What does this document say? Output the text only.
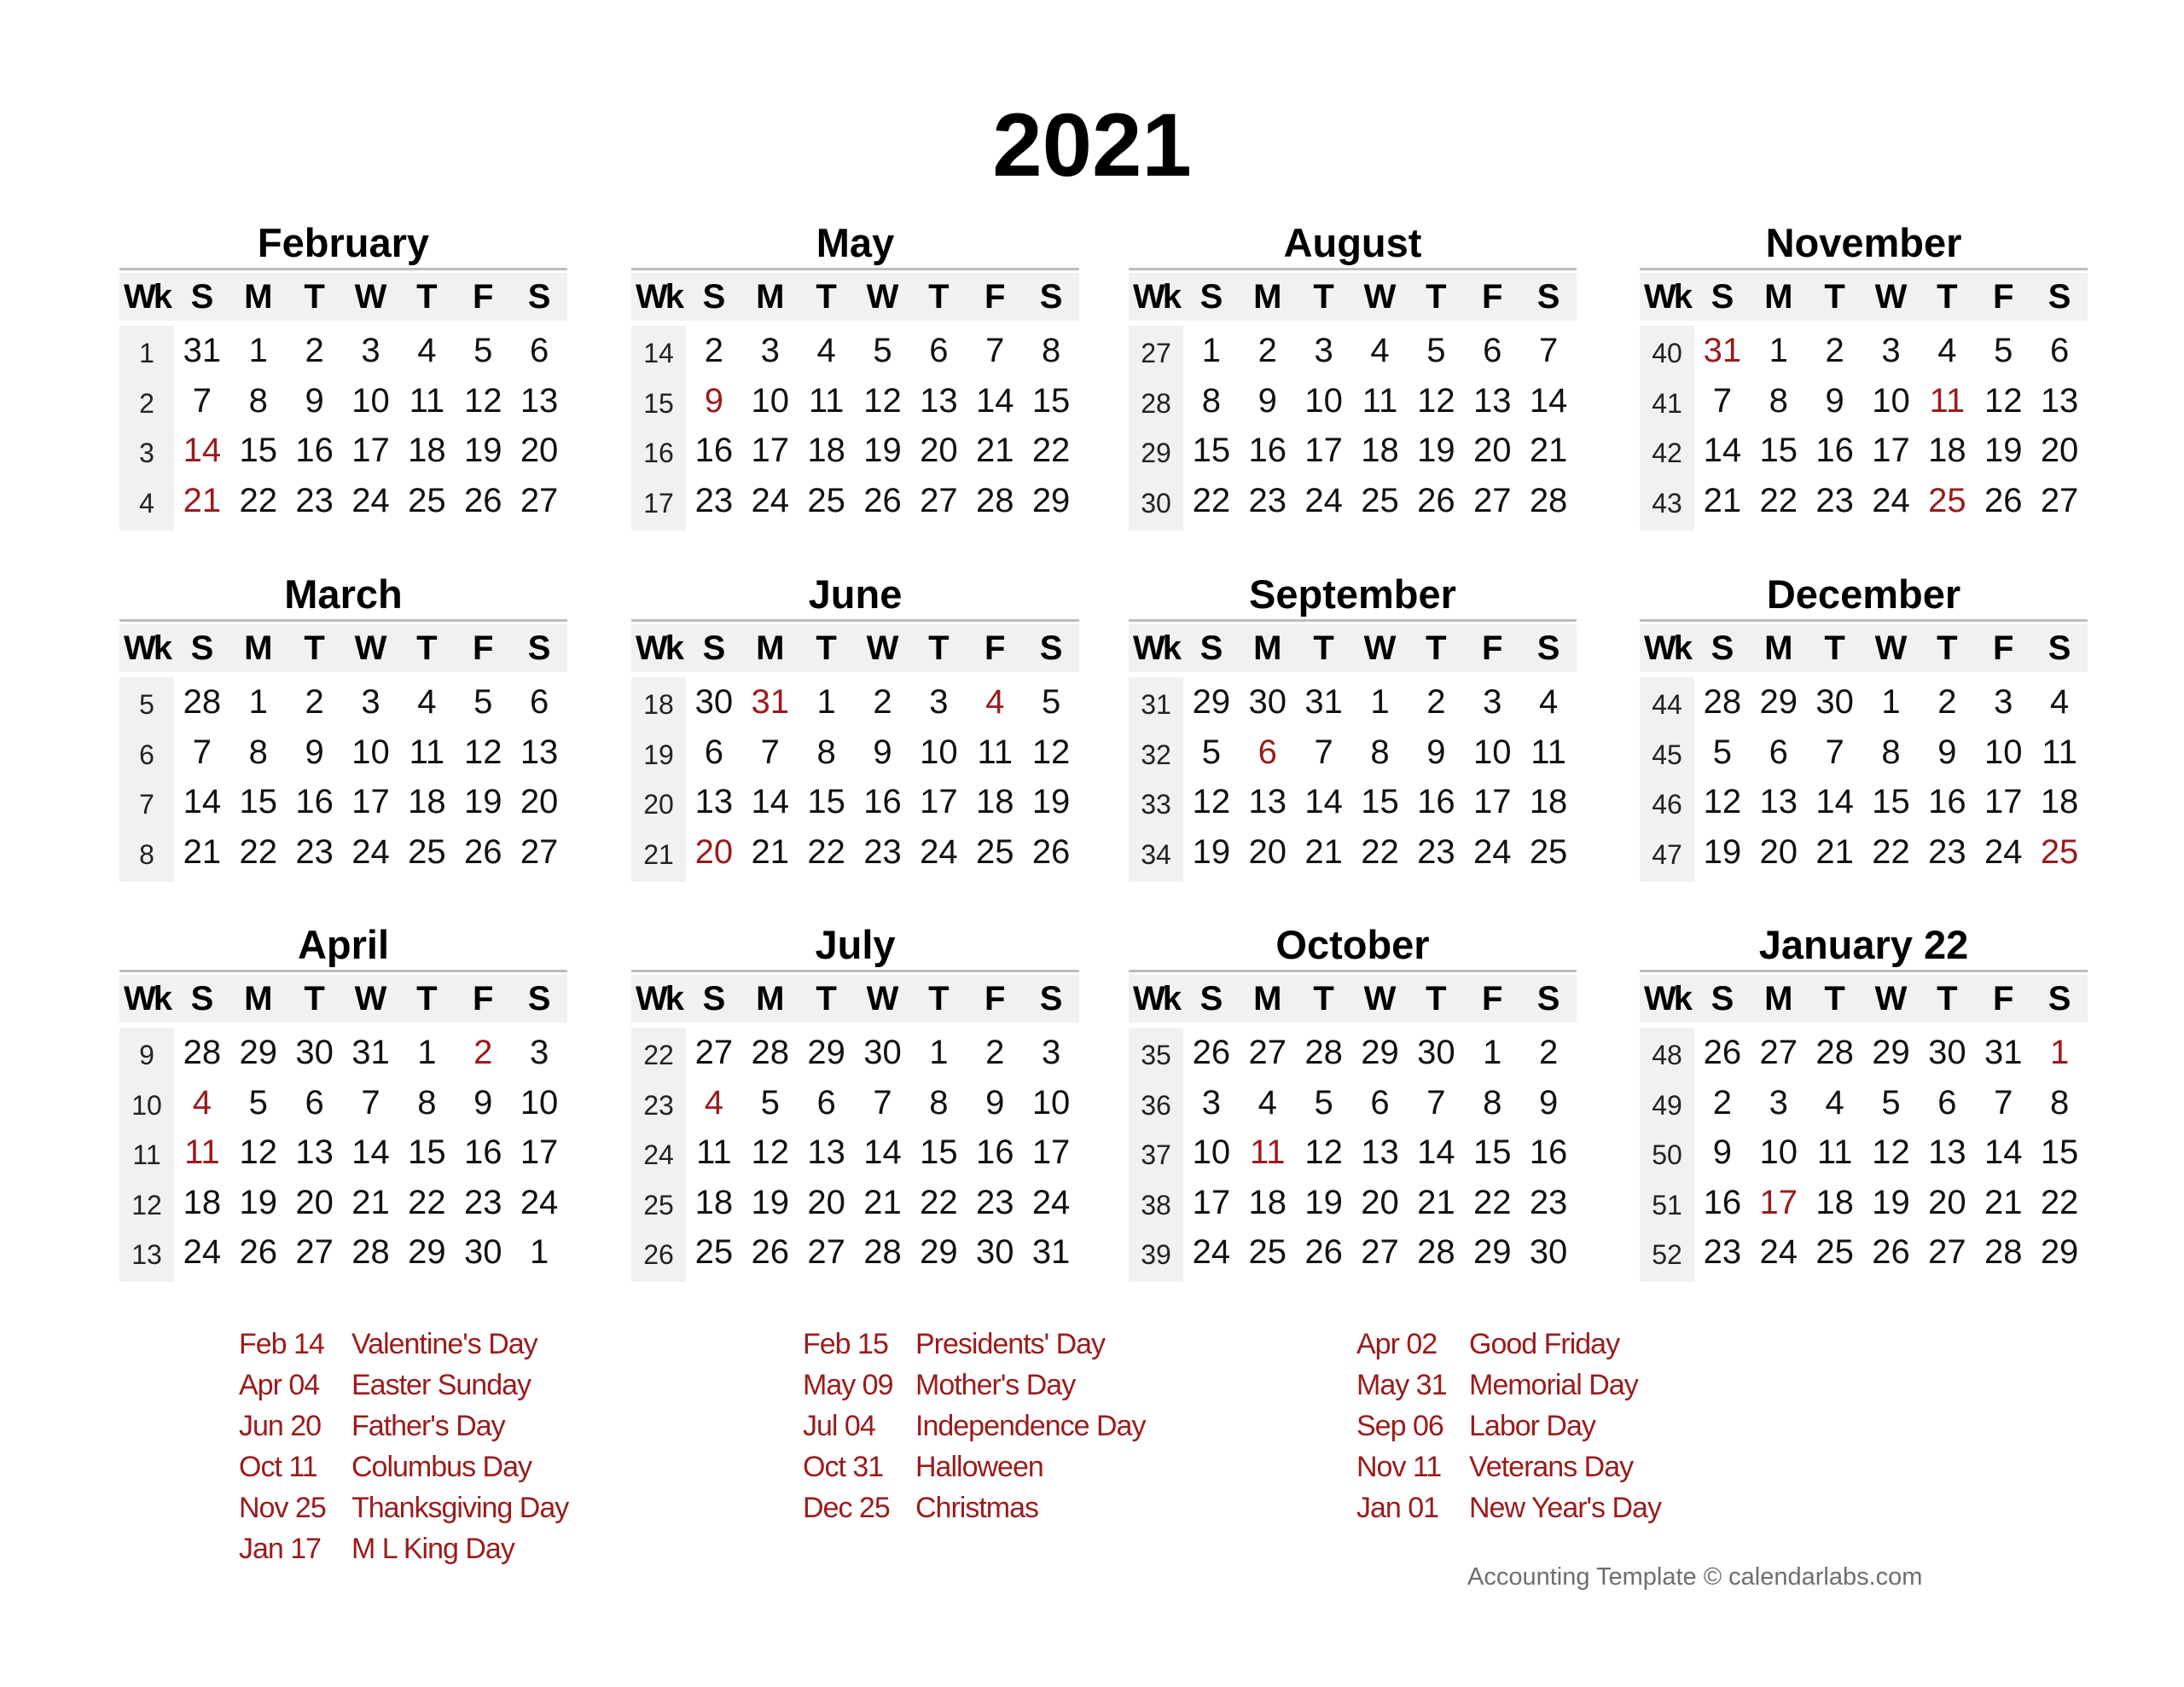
2021
February
Wk S M T W T	F	S
1 31 1	2	3	4	5	6
2	7	8	9 10 11 12 13
3 14 15 16 17 18 19 20
4 21 22 23 24 25 26 27
May
Wk S M T W T	F	S
14 2	3	4	5	6	7	8
15 9 10 11 12 13 14 15
16 16 17 18 19 20 21 22
17 23 24 25 26 27 28 29
August
Wk S M T W T	F	S
27 1	2	3	4	5	6	7
28 8	9 10 11 12 13 14
29 15 16 17 18 19 20 21
30 22 23 24 25 26 27 28
November
Wk S M T W T	F	S
40 31 1	2	3	4	5	6
41 7	8	9 10 11 12 13
42 14 15 16 17 18 19 20
43 21 22 23 24 25 26 27
March
Wk S M T W T	F	S
5 28 1	2	3	4	5	6
6	7	8	9 10 11 12 13
7 14 15 16 17 18 19 20
8 21 22 23 24 25 26 27
June
Wk S M T W T	F	S
18 30 31 1	2	3	4	5
19 6	7	8	9 10 11 12
20 13 14 15 16 17 18 19
21 20 21 22 23 24 25 26
September
Wk S M T W T	F	S
31 29 30 31 1	2	3	4
32 5	6	7	8	9 10 11
33 12 13 14 15 16 17 18
34 19 20 21 22 23 24 25
December
Wk S M T W T	F	S
44 28 29 30 1	2	3	4
45 5	6	7	8	9 10 11
46 12 13 14 15 16 17 18
47 19 20 21 22 23 24 25
April
Wk S M T W T	F	S
9 28 29 30 31 1	2	3
10 4	5	6	7	8	9 10
11 11 12 13 14 15 16 17
12 18 19 20 21 22 23 24
13 24 26 27 28 29 30 1
July
Wk S M T W T	F	S
22 27 28 29 30 1	2	3
23 4	5	6	7	8	9 10
24 11 12 13 14 15 16 17
25 18 19 20 21 22 23 24
26 25 26 27 28 29 30 31
October
Wk S M T W T	F	S
35 26 27 28 29 30 1	2
36 3	4	5	6	7	8	9
37 10 11 12 13 14 15 16
38 17 18 19 20 21 22 23
39 24 25 26 27 28 29 30
January 22
Wk S M T W T	F	S
48 26 27 28 29 30 31 1
49 2	3	4	5	6	7	8
50 9 10 11 12 13 14 15
51 16 17 18 19 20 21 22
52 23 24 25 26 27 28 29
Feb 14 Valentine's Day
Apr 04 Easter Sunday
Jun 20 Father's Day
Oct 11 Columbus Day
Nov 25 Thanksgiving Day
Jan 17 M L King Day
Feb 15 Presidents' Day
May 09 Mother's Day
Jul 04 Independence Day
Oct 31 Halloween
Dec 25 Christmas
Apr 02 Good Friday
May 31 Memorial Day
Sep 06 Labor Day
Nov 11 Veterans Day
Jan 01 New Year's Day
Accounting Template © calendarlabs.com
